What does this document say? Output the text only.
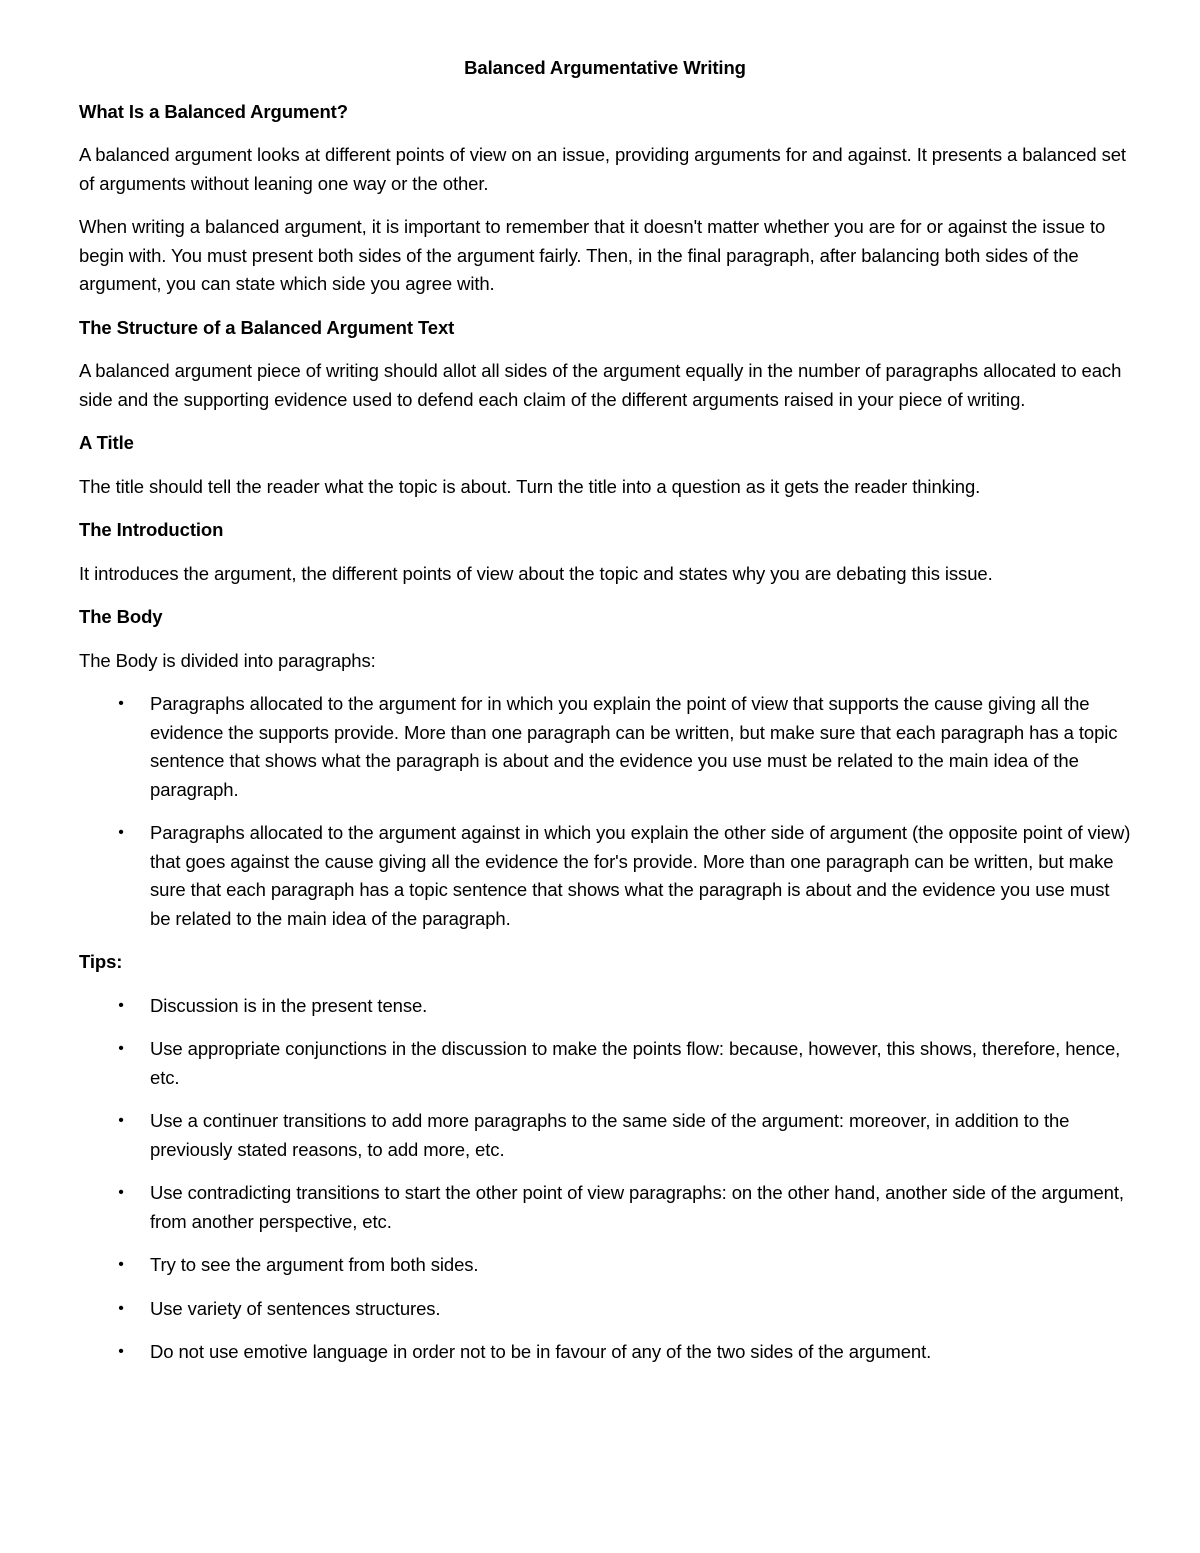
Balanced Argumentative Writing
What Is a Balanced Argument?
A balanced argument looks at different points of view on an issue, providing arguments for and against. It presents a balanced set of arguments without leaning one way or the other.
When writing a balanced argument, it is important to remember that it doesn't matter whether you are for or against the issue to begin with. You must present both sides of the argument fairly. Then, in the final paragraph, after balancing both sides of the argument, you can state which side you agree with.
The Structure of a Balanced Argument Text
A balanced argument piece of writing should allot all sides of the argument equally in the number of paragraphs allocated to each side and the supporting evidence used to defend each claim of the different arguments raised in your piece of writing.
A Title
The title should tell the reader what the topic is about. Turn the title into a question as it gets the reader thinking.
The Introduction
It introduces the argument, the different points of view about the topic and states why you are debating this issue.
The Body
The Body is divided into paragraphs:
• Paragraphs allocated to the argument for in which you explain the point of view that supports the cause giving all the evidence the supports provide. More than one paragraph can be written, but make sure that each paragraph has a topic sentence that shows what the paragraph is about and the evidence you use must be related to the main idea of the paragraph.
• Paragraphs allocated to the argument against in which you explain the other side of argument (the opposite point of view) that goes against the cause giving all the evidence the for's provide. More than one paragraph can be written, but make sure that each paragraph has a topic sentence that shows what the paragraph is about and the evidence you use must be related to the main idea of the paragraph.
Tips:
• Discussion is in the present tense.
• Use appropriate conjunctions in the discussion to make the points flow: because, however, this shows, therefore, hence, etc.
• Use a continuer transitions to add more paragraphs to the same side of the argument: moreover, in addition to the previously stated reasons, to add more, etc.
• Use contradicting transitions to start the other point of view paragraphs: on the other hand, another side of the argument, from another perspective, etc.
• Try to see the argument from both sides.
• Use variety of sentences structures.
• Do not use emotive language in order not to be in favour of any of the two sides of the argument.
